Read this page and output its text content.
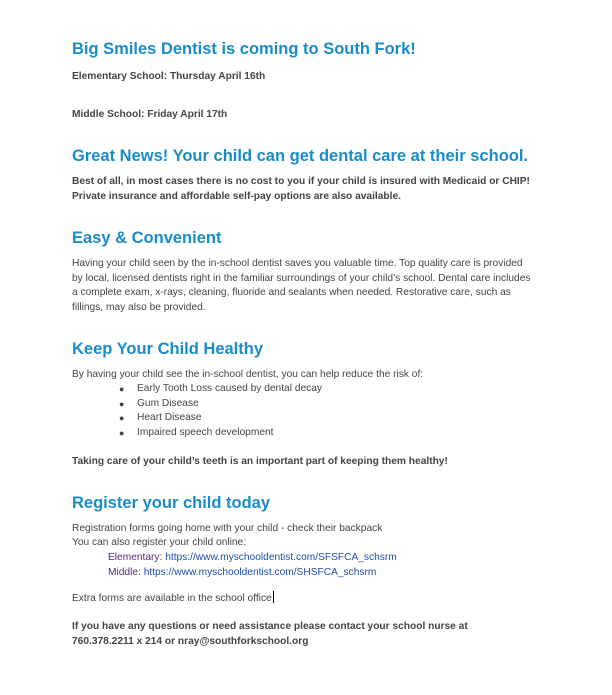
Big Smiles Dentist is coming to South Fork!

Elementary School: Thursday April 16th

Middle School: Friday April 17th

Great News! Your child can get dental care at their school.

Best of all, in most cases there is no cost to you if your child is insured with Medicaid or CHIP! Private insurance and affordable self-pay options are also available.

Easy & Convenient

Having your child seen by the in-school dentist saves you valuable time. Top quality care is provided by local, licensed dentists right in the familiar surroundings of your child’s school. Dental care includes a complete exam, x-rays, cleaning, fluoride and sealants when needed. Restorative care, such as fillings, may also be provided.

Keep Your Child Healthy

By having your child see the in-school dentist, you can help reduce the risk of:

● Early Tooth Loss caused by dental decay
● Gum Disease
● Heart Disease
● Impaired speech development

Taking care of your child’s teeth is an important part of keeping them healthy!

Register your child today

Registration forms going home with your child - check their backpack

You can also register your child online:

Elementary: https://www.myschooldentist.com/SFSFCA_schsrm
Middle: https://www.myschooldentist.com/SHSFCA_schsrm

Extra forms are available in the school office

If you have any questions or need assistance please contact your school nurse at

760.378.2211 x 214 or nray@southforkschool.org
